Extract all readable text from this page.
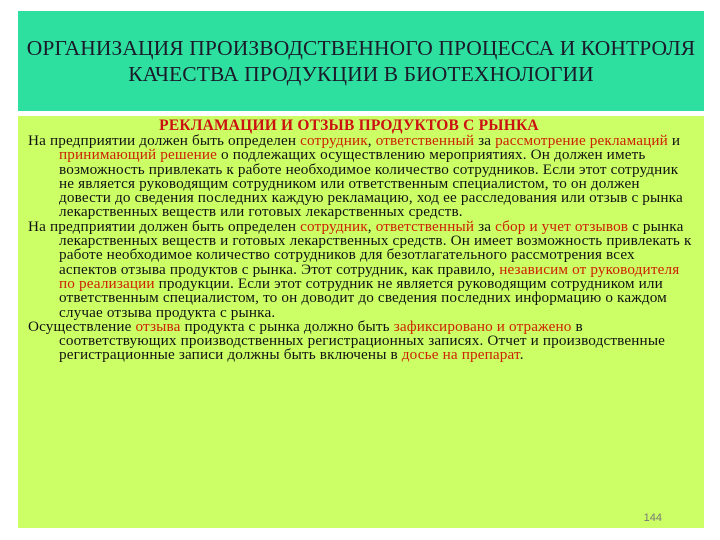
ОРГАНИЗАЦИЯ ПРОИЗВОДСТВЕННОГО ПРОЦЕССА И КОНТРОЛЯ КАЧЕСТВА ПРОДУКЦИИ В БИОТЕХНОЛОГИИ
РЕКЛАМАЦИИ И ОТЗЫВ ПРОДУКТОВ С РЫНКА

На предприятии должен быть определен сотрудник, ответственный за рассмотрение рекламаций и принимающий решение о подлежащих осуществлению мероприятиях. Он должен иметь возможность привлекать к работе необходимое количество сотрудников. Если этот сотрудник не является руководящим сотрудником или ответственным специалистом, то он должен довести до сведения последних каждую рекламацию, ход ее расследования или отзыв с рынка лекарственных веществ или готовых лекарственных средств.

На предприятии должен быть определен сотрудник, ответственный за сбор и учет отзывов с рынка лекарственных веществ и готовых лекарственных средств. Он имеет возможность привлекать к работе необходимое количество сотрудников для безотлагательного рассмотрения всех аспектов отзыва продуктов с рынка. Этот сотрудник, как правило, независим от руководителя по реализации продукции. Если этот сотрудник не является руководящим сотрудником или ответственным специалистом, то он доводит до сведения последних информацию о каждом случае отзыва продукта с рынка.

Осуществление отзыва продукта с рынка должно быть зафиксировано и отражено в соответствующих производственных регистрационных записях. Отчет и производственные регистрационные записи должны быть включены в досье на препарат.

144
